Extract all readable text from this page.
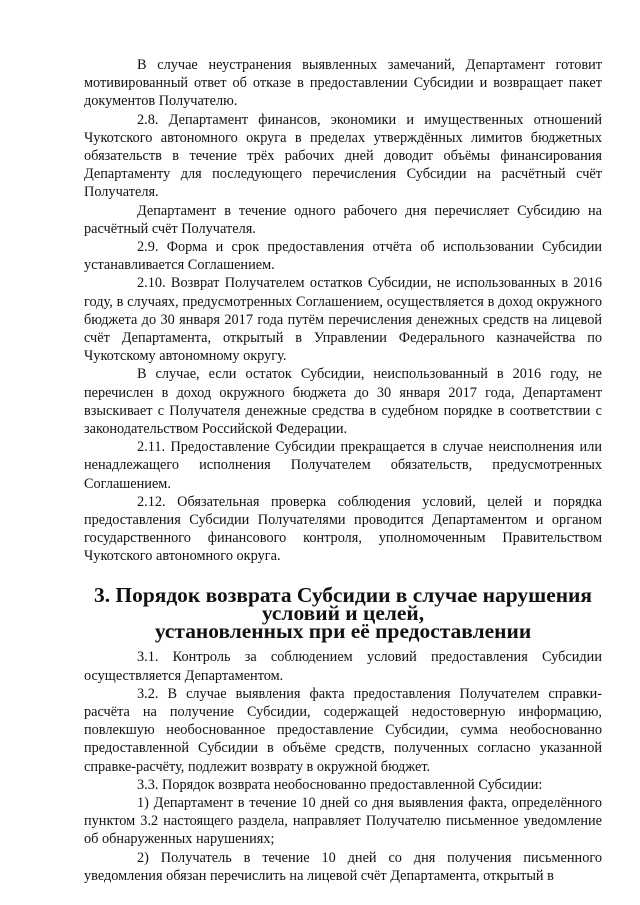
В случае неустранения выявленных замечаний, Департамент готовит мотивированный ответ об отказе в предоставлении Субсидии и возвращает пакет документов Получателю.

2.8. Департамент финансов, экономики и имущественных отношений Чукотского автономного округа в пределах утверждённых лимитов бюджетных обязательств в течение трёх рабочих дней доводит объёмы финансирования Департаменту для последующего перечисления Субсидии на расчётный счёт Получателя.

Департамент в течение одного рабочего дня перечисляет Субсидию на расчётный счёт Получателя.

2.9. Форма и срок предоставления отчёта об использовании Субсидии устанавливается Соглашением.

2.10. Возврат Получателем остатков Субсидии, не использованных в 2016 году, в случаях, предусмотренных Соглашением, осуществляется в доход окружного бюджета до 30 января 2017 года путём перечисления денежных средств на лицевой счёт Департамента, открытый в Управлении Федерального казначейства по Чукотскому автономному округу.

В случае, если остаток Субсидии, неиспользованный в 2016 году, не перечислен в доход окружного бюджета до 30 января 2017 года, Департамент взыскивает с Получателя денежные средства в судебном порядке в соответствии с законодательством Российской Федерации.

2.11. Предоставление Субсидии прекращается в случае неисполнения или ненадлежащего исполнения Получателем обязательств, предусмотренных Соглашением.

2.12. Обязательная проверка соблюдения условий, целей и порядка предоставления Субсидии Получателями проводится Департаментом и органом государственного финансового контроля, уполномоченным Правительством Чукотского автономного округа.

3. Порядок возврата Субсидии в случае нарушения условий и целей,
установленных при её предоставлении

3.1. Контроль за соблюдением условий предоставления Субсидии осуществляется Департаментом.

3.2. В случае выявления факта предоставления Получателем справки-расчёта на получение Субсидии, содержащей недостоверную информацию, повлекшую необоснованное предоставление Субсидии, сумма необоснованно предоставленной Субсидии в объёме средств, полученных согласно указанной справке-расчёту, подлежит возврату в окружной бюджет.

3.3. Порядок возврата необоснованно предоставленной Субсидии:

1) Департамент в течение 10 дней со дня выявления факта, определённого пунктом 3.2 настоящего раздела, направляет Получателю письменное уведомление об обнаруженных нарушениях;

2) Получатель в течение 10 дней со дня получения письменного уведомления обязан перечислить на лицевой счёт Департамента, открытый в
